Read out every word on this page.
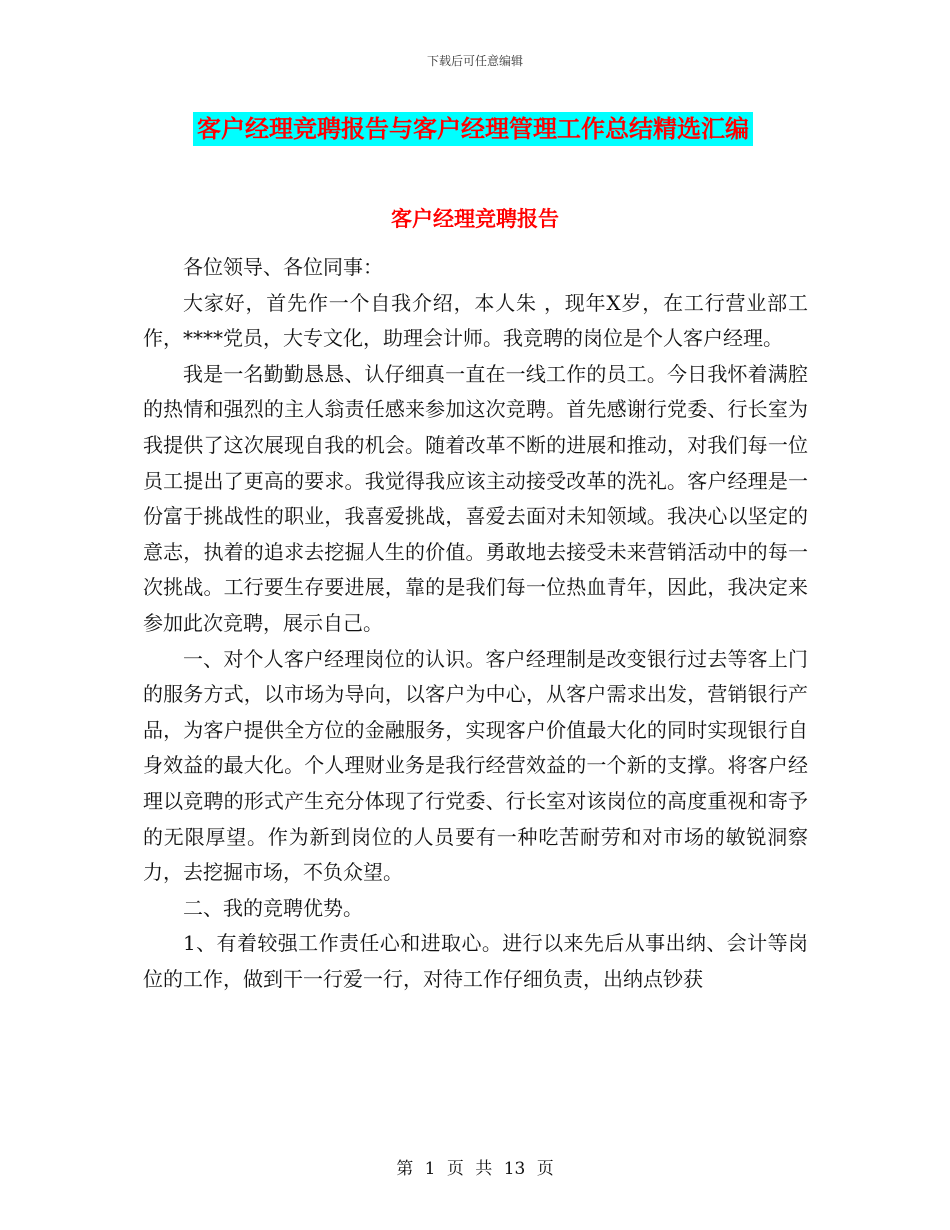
下载后可任意编辑
客户经理竞聘报告与客户经理管理工作总结精选汇编
客户经理竞聘报告

各位领导、各位同事：

大家好，首先作一个自我介绍，本人朱 ，现年X岁，在工行营业部工作，****党员，大专文化，助理会计师。我竞聘的岗位是个人客户经理。

我是一名勤勤恳恳、认仔细真一直在一线工作的员工。今日我怀着满腔的热情和强烈的主人翁责任感来参加这次竞聘。首先感谢行党委、行长室为我提供了这次展现自我的机会。随着改革不断的进展和推动，对我们每一位员工提出了更高的要求。我觉得我应该主动接受改革的洗礼。客户经理是一份富于挑战性的职业，我喜爱挑战，喜爱去面对未知领域。我决心以坚定的意志，执着的追求去挖掘人生的价值。勇敢地去接受未来营销活动中的每一次挑战。工行要生存要进展，靠的是我们每一位热血青年，因此，我决定来参加此次竞聘，展示自己。

一、对个人客户经理岗位的认识。客户经理制是改变银行过去等客上门的服务方式，以市场为导向，以客户为中心，从客户需求出发，营销银行产品，为客户提供全方位的金融服务，实现客户价值最大化的同时实现银行自身效益的最大化。个人理财业务是我行经营效益的一个新的支撑。将客户经理以竞聘的形式产生充分体现了行党委、行长室对该岗位的高度重视和寄予的无限厚望。作为新到岗位的人员要有一种吃苦耐劳和对市场的敏锐洞察力，去挖掘市场，不负众望。

二、我的竞聘优势。

1、有着较强工作责任心和进取心。进行以来先后从事出纳、会计等岗位的工作，做到干一行爱一行，对待工作仔细负责，出纳点钞获

第 1 页 共 13 页
